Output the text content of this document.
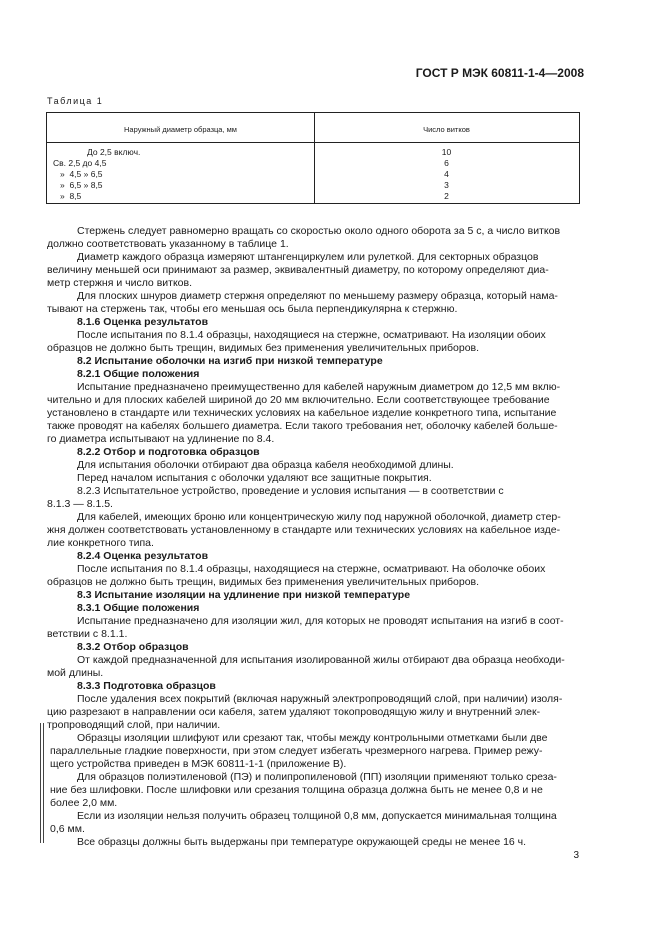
ГОСТ Р МЭК 60811-1-4—2008
Таблица 1
Наружный диаметр образца, мм	Число витков
До 2,5 включ.	10
Св. 2,5 до 4,5	6
»  4,5 » 6,5	4
»  6,5 » 8,5	3
»  8,5	2
Стержень следует равномерно вращать со скоростью около одного оборота за 5 с, а число витков
должно соответствовать указанному в таблице 1.
Диаметр каждого образца измеряют штангенциркулем или рулеткой. Для секторных образцов
величину меньшей оси принимают за размер, эквивалентный диаметру, по которому определяют диа-
метр стержня и число витков.
Для плоских шнуров диаметр стержня определяют по меньшему размеру образца, который нама-
тывают на стержень так, чтобы его меньшая ось была перпендикулярна к стержню.
8.1.6 Оценка результатов
После испытания по 8.1.4 образцы, находящиеся на стержне, осматривают. На изоляции обоих
образцов не должно быть трещин, видимых без применения увеличительных приборов.
8.2 Испытание оболочки на изгиб при низкой температуре
8.2.1 Общие положения
Испытание предназначено преимущественно для кабелей наружным диаметром до 12,5 мм вклю-
чительно и для плоских кабелей шириной до 20 мм включительно. Если соответствующее требование
установлено в стандарте или технических условиях на кабельное изделие конкретного типа, испытание
также проводят на кабелях большего диаметра. Если такого требования нет, оболочку кабелей больше-
го диаметра испытывают на удлинение по 8.4.
8.2.2 Отбор и подготовка образцов
Для испытания оболочки отбирают два образца кабеля необходимой длины.
Перед началом испытания с оболочки удаляют все защитные покрытия.
8.2.3 Испытательное устройство, проведение и условия испытания — в соответствии с
8.1.3 — 8.1.5.
Для кабелей, имеющих броню или концентрическую жилу под наружной оболочкой, диаметр стер-
жня должен соответствовать установленному в стандарте или технических условиях на кабельное изде-
лие конкретного типа.
8.2.4 Оценка результатов
После испытания по 8.1.4 образцы, находящиеся на стержне, осматривают. На оболочке обоих
образцов не должно быть трещин, видимых без применения увеличительных приборов.
8.3 Испытание изоляции на удлинение при низкой температуре
8.3.1 Общие положения
Испытание предназначено для изоляции жил, для которых не проводят испытания на изгиб в соот-
ветствии с 8.1.1.
8.3.2 Отбор образцов
От каждой предназначенной для испытания изолированной жилы отбирают два образца необходи-
мой длины.
8.3.3 Подготовка образцов
После удаления всех покрытий (включая наружный электропроводящий слой, при наличии) изоля-
цию разрезают в направлении оси кабеля, затем удаляют токопроводящую жилу и внутренний элек-
тропроводящий слой, при наличии.
Образцы изоляции шлифуют или срезают так, чтобы между контрольными отметками были две
параллельные гладкие поверхности, при этом следует избегать чрезмерного нагрева. Пример режу-
щего устройства приведен в МЭК 60811-1-1 (приложение В).
Для образцов полиэтиленовой (ПЭ) и полипропиленовой (ПП) изоляции применяют только срезa-
ние без шлифовки. После шлифовки или срезания толщина образца должна быть не менее 0,8 и не
более 2,0 мм.
Если из изоляции нельзя получить образец толщиной 0,8 мм, допускается минимальная толщина
0,6 мм.
Все образцы должны быть выдержаны при температуре окружающей среды не менее 16 ч.
3
